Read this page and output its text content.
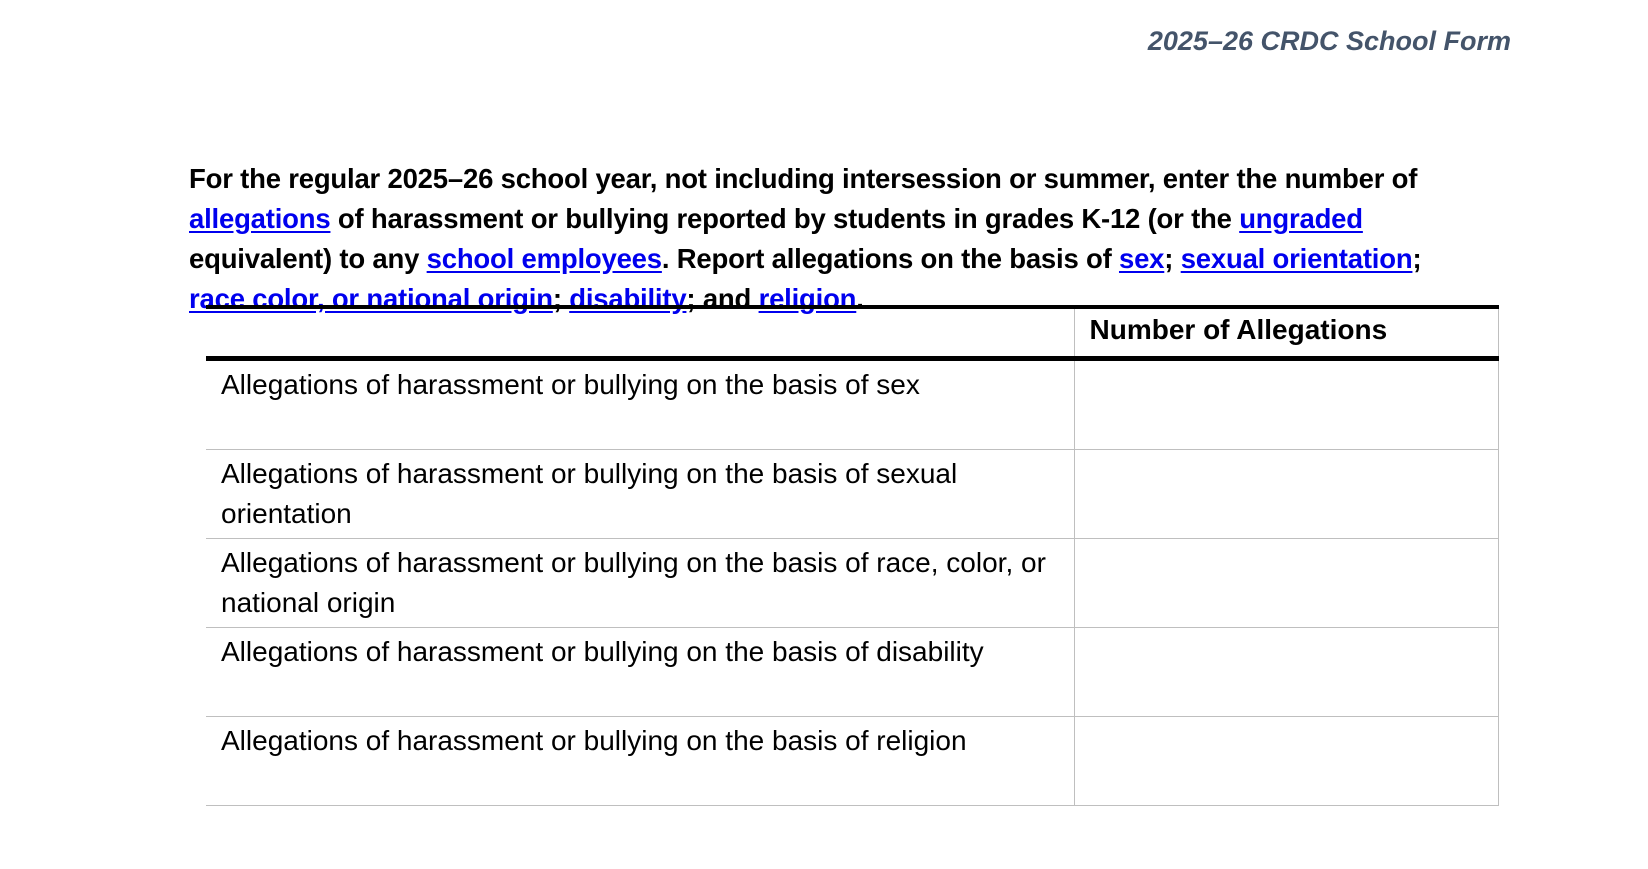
2025–26 CRDC School Form

For the regular 2025–26 school year, not including intersession or summer, enter the number of allegations of harassment or bullying reported by students in grades K-12 (or the ungraded equivalent) to any school employees. Report allegations on the basis of sex; sexual orientation; race color, or national origin; disability; and religion.

	Number of Allegations
Allegations of harassment or bullying on the basis of sex	

Allegations of harassment or bullying on the basis of sexual orientation	

Allegations of harassment or bullying on the basis of race, color, or national origin	

Allegations of harassment or bullying on the basis of disability	

Allegations of harassment or bullying on the basis of religion	
